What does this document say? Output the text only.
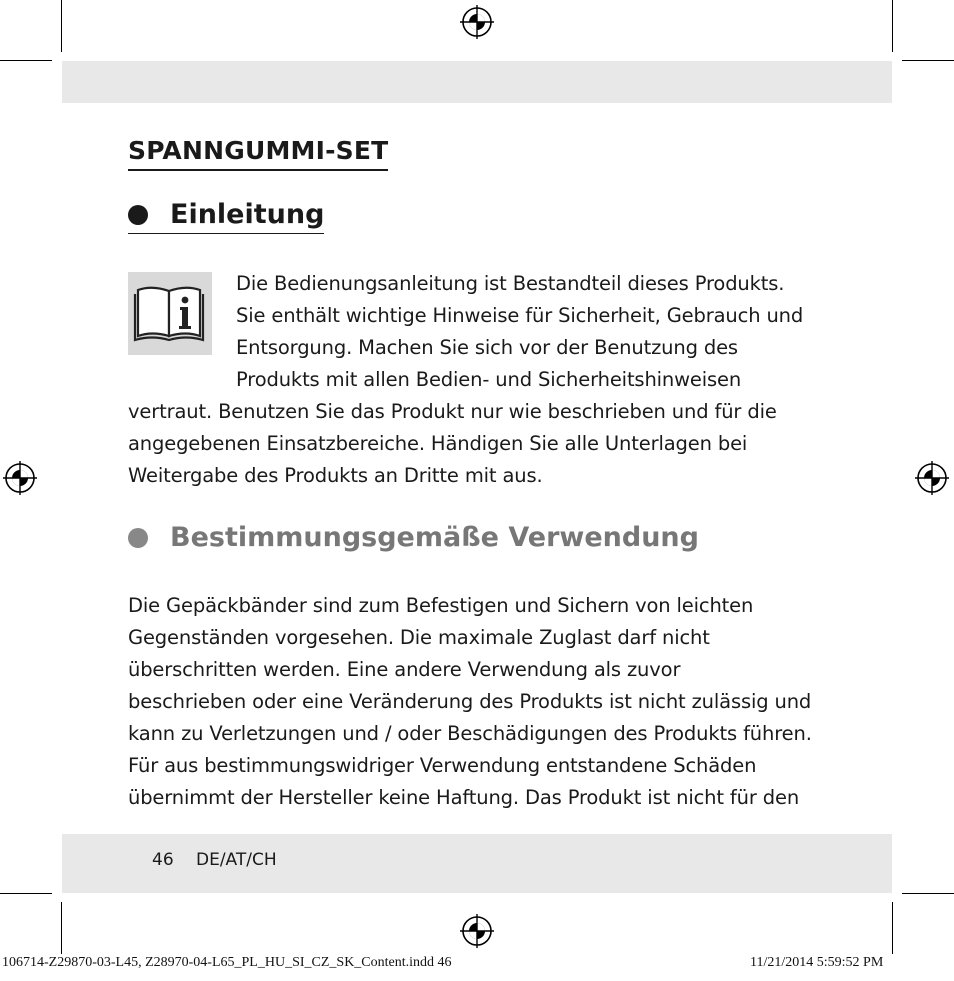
SPANNGUMMI-SET
Einleitung
Die Bedienungsanleitung ist Bestandteil dieses Produkts.
Sie enthält wichtige Hinweise für Sicherheit, Gebrauch und
Entsorgung. Machen Sie sich vor der Benutzung des
Produkts mit allen Bedien- und Sicherheitshinweisen
vertraut. Benutzen Sie das Produkt nur wie beschrieben und für die
angegebenen Einsatzbereiche. Händigen Sie alle Unterlagen bei
Weitergabe des Produkts an Dritte mit aus.
Bestimmungsgemäße Verwendung
Die Gepäckbänder sind zum Befestigen und Sichern von leichten
Gegenständen vorgesehen. Die maximale Zuglast darf nicht
überschritten werden. Eine andere Verwendung als zuvor
beschrieben oder eine Veränderung des Produkts ist nicht zulässig und
kann zu Verletzungen und / oder Beschädigungen des Produkts führen.
Für aus bestimmungswidriger Verwendung entstandene Schäden
übernimmt der Hersteller keine Haftung. Das Produkt ist nicht für den
46 DE/AT/CH
106714-Z29870-03-L45, Z28970-04-L65_PL_HU_SI_CZ_SK_Content.indd 46	11/21/2014 5:59:52 PM
